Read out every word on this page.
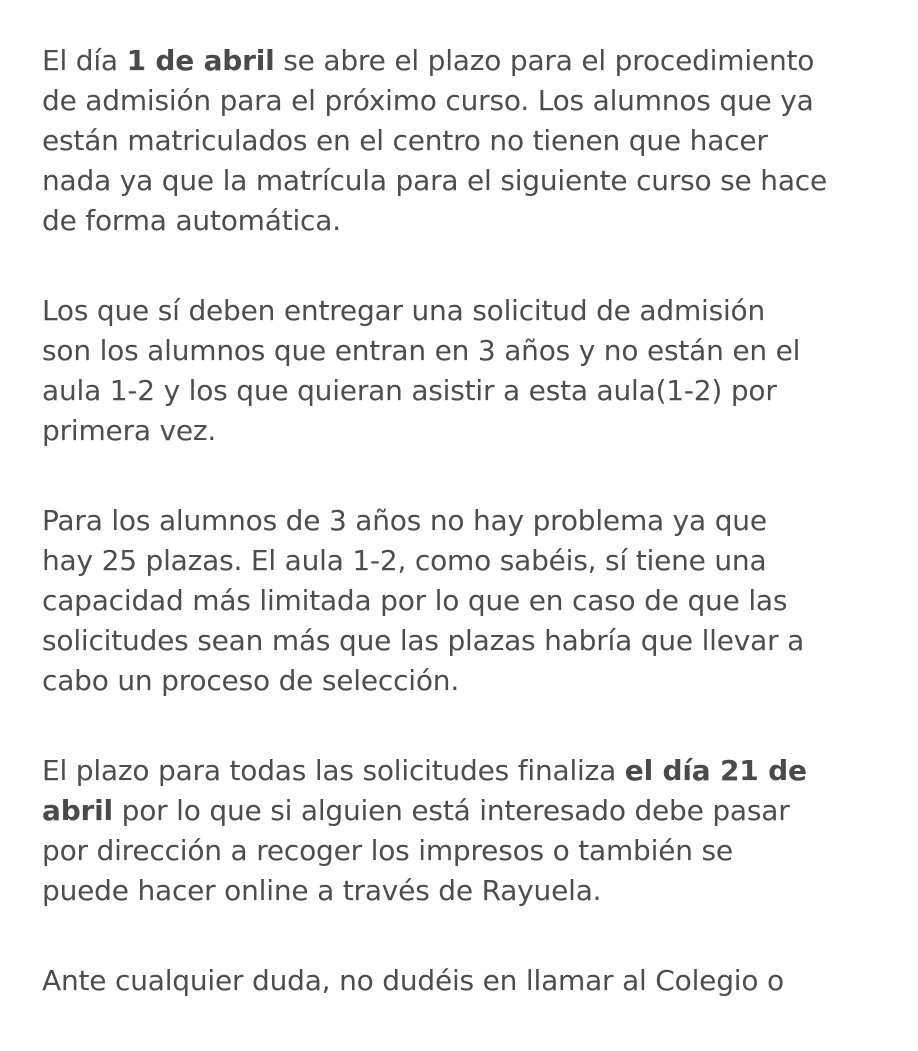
El día 1 de abril se abre el plazo para el procedimiento
de admisión para el próximo curso. Los alumnos que ya
están matriculados en el centro no tienen que hacer
nada ya que la matrícula para el siguiente curso se hace
de forma automática.

Los que sí deben entregar una solicitud de admisión
son los alumnos que entran en 3 años y no están en el
aula 1-2 y los que quieran asistir a esta aula(1-2) por
primera vez.

Para los alumnos de 3 años no hay problema ya que
hay 25 plazas. El aula 1-2, como sabéis, sí tiene una
capacidad más limitada por lo que en caso de que las
solicitudes sean más que las plazas habría que llevar a
cabo un proceso de selección.

El plazo para todas las solicitudes finaliza el día 21 de
abril por lo que si alguien está interesado debe pasar
por dirección a recoger los impresos o también se
puede hacer online a través de Rayuela.

Ante cualquier duda, no dudéis en llamar al Colegio o
